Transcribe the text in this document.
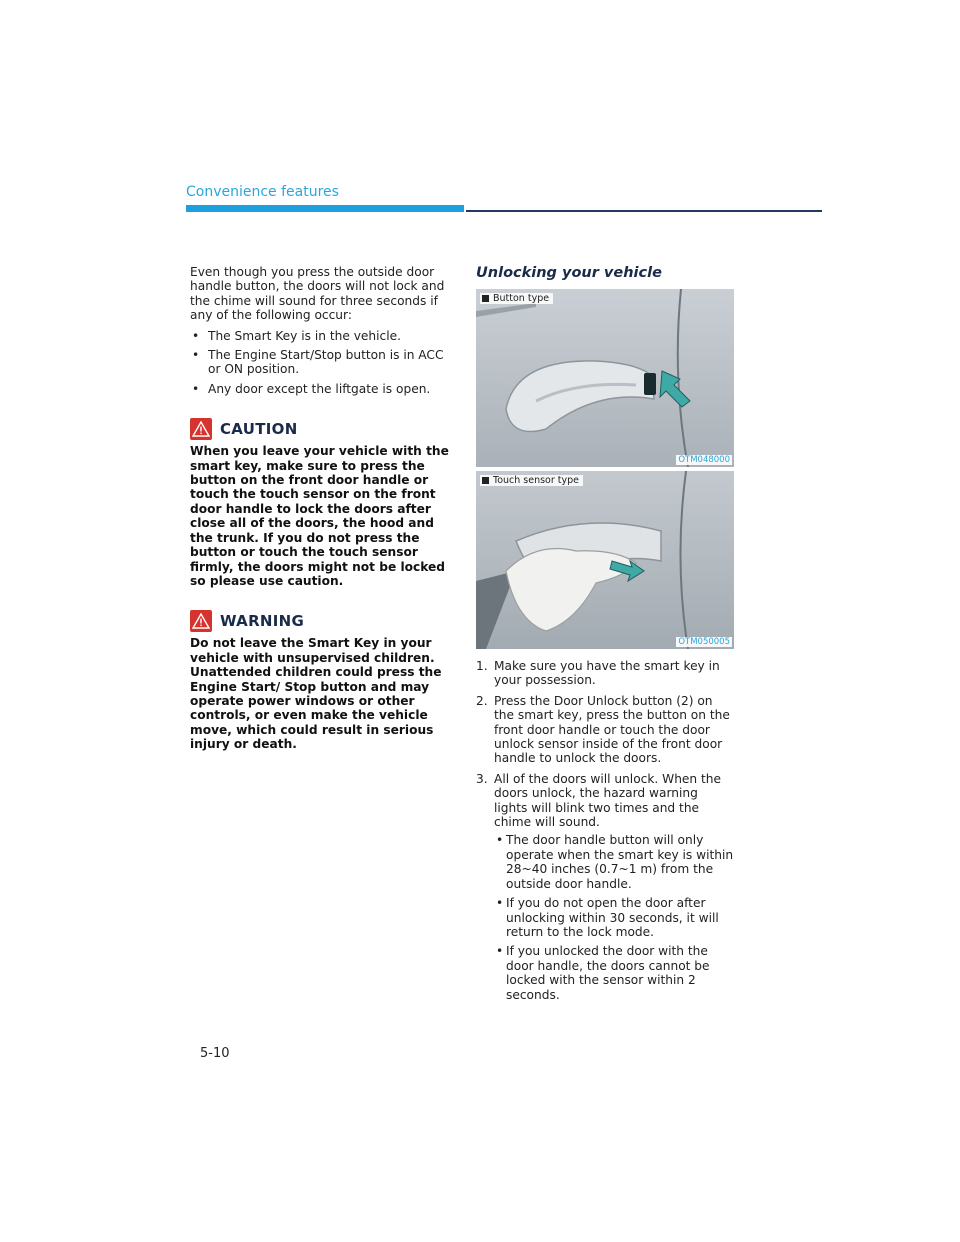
Convenience features

Even though you press the outside door handle button, the doors will not lock and the chime will sound for three seconds if any of the following occur:

• The Smart Key is in the vehicle.
• The Engine Start/Stop button is in ACC or ON position.
• Any door except the liftgate is open.
CAUTION

When you leave your vehicle with the smart key, make sure to press the button on the front door handle or touch the touch sensor on the front door handle to lock the doors after close all of the doors, the hood and the trunk. If you do not press the button or touch the touch sensor firmly, the doors might not be locked so please use caution.

WARNING

Do not leave the Smart Key in your vehicle with unsupervised children. Unattended children could press the Engine Start/ Stop button and may operate power windows or other controls, or even make the vehicle move, which could result in serious injury or death.

Unlocking your vehicle
Button type
OTM048000
Touch sensor type
OTM050005
1. Make sure you have the smart key in your possession.
2. Press the Door Unlock button (2) on the smart key, press the button on the front door handle or touch the door unlock sensor inside of the front door handle to unlock the doors.
3. All of the doors will unlock. When the doors unlock, the hazard warning lights will blink two times and the chime will sound.
• The door handle button will only operate when the smart key is within 28~40 inches (0.7~1 m) from the outside door handle.
• If you do not open the door after unlocking within 30 seconds, it will return to the lock mode.
• If you unlocked the door with the door handle, the doors cannot be locked with the sensor within 2 seconds.
5-10
